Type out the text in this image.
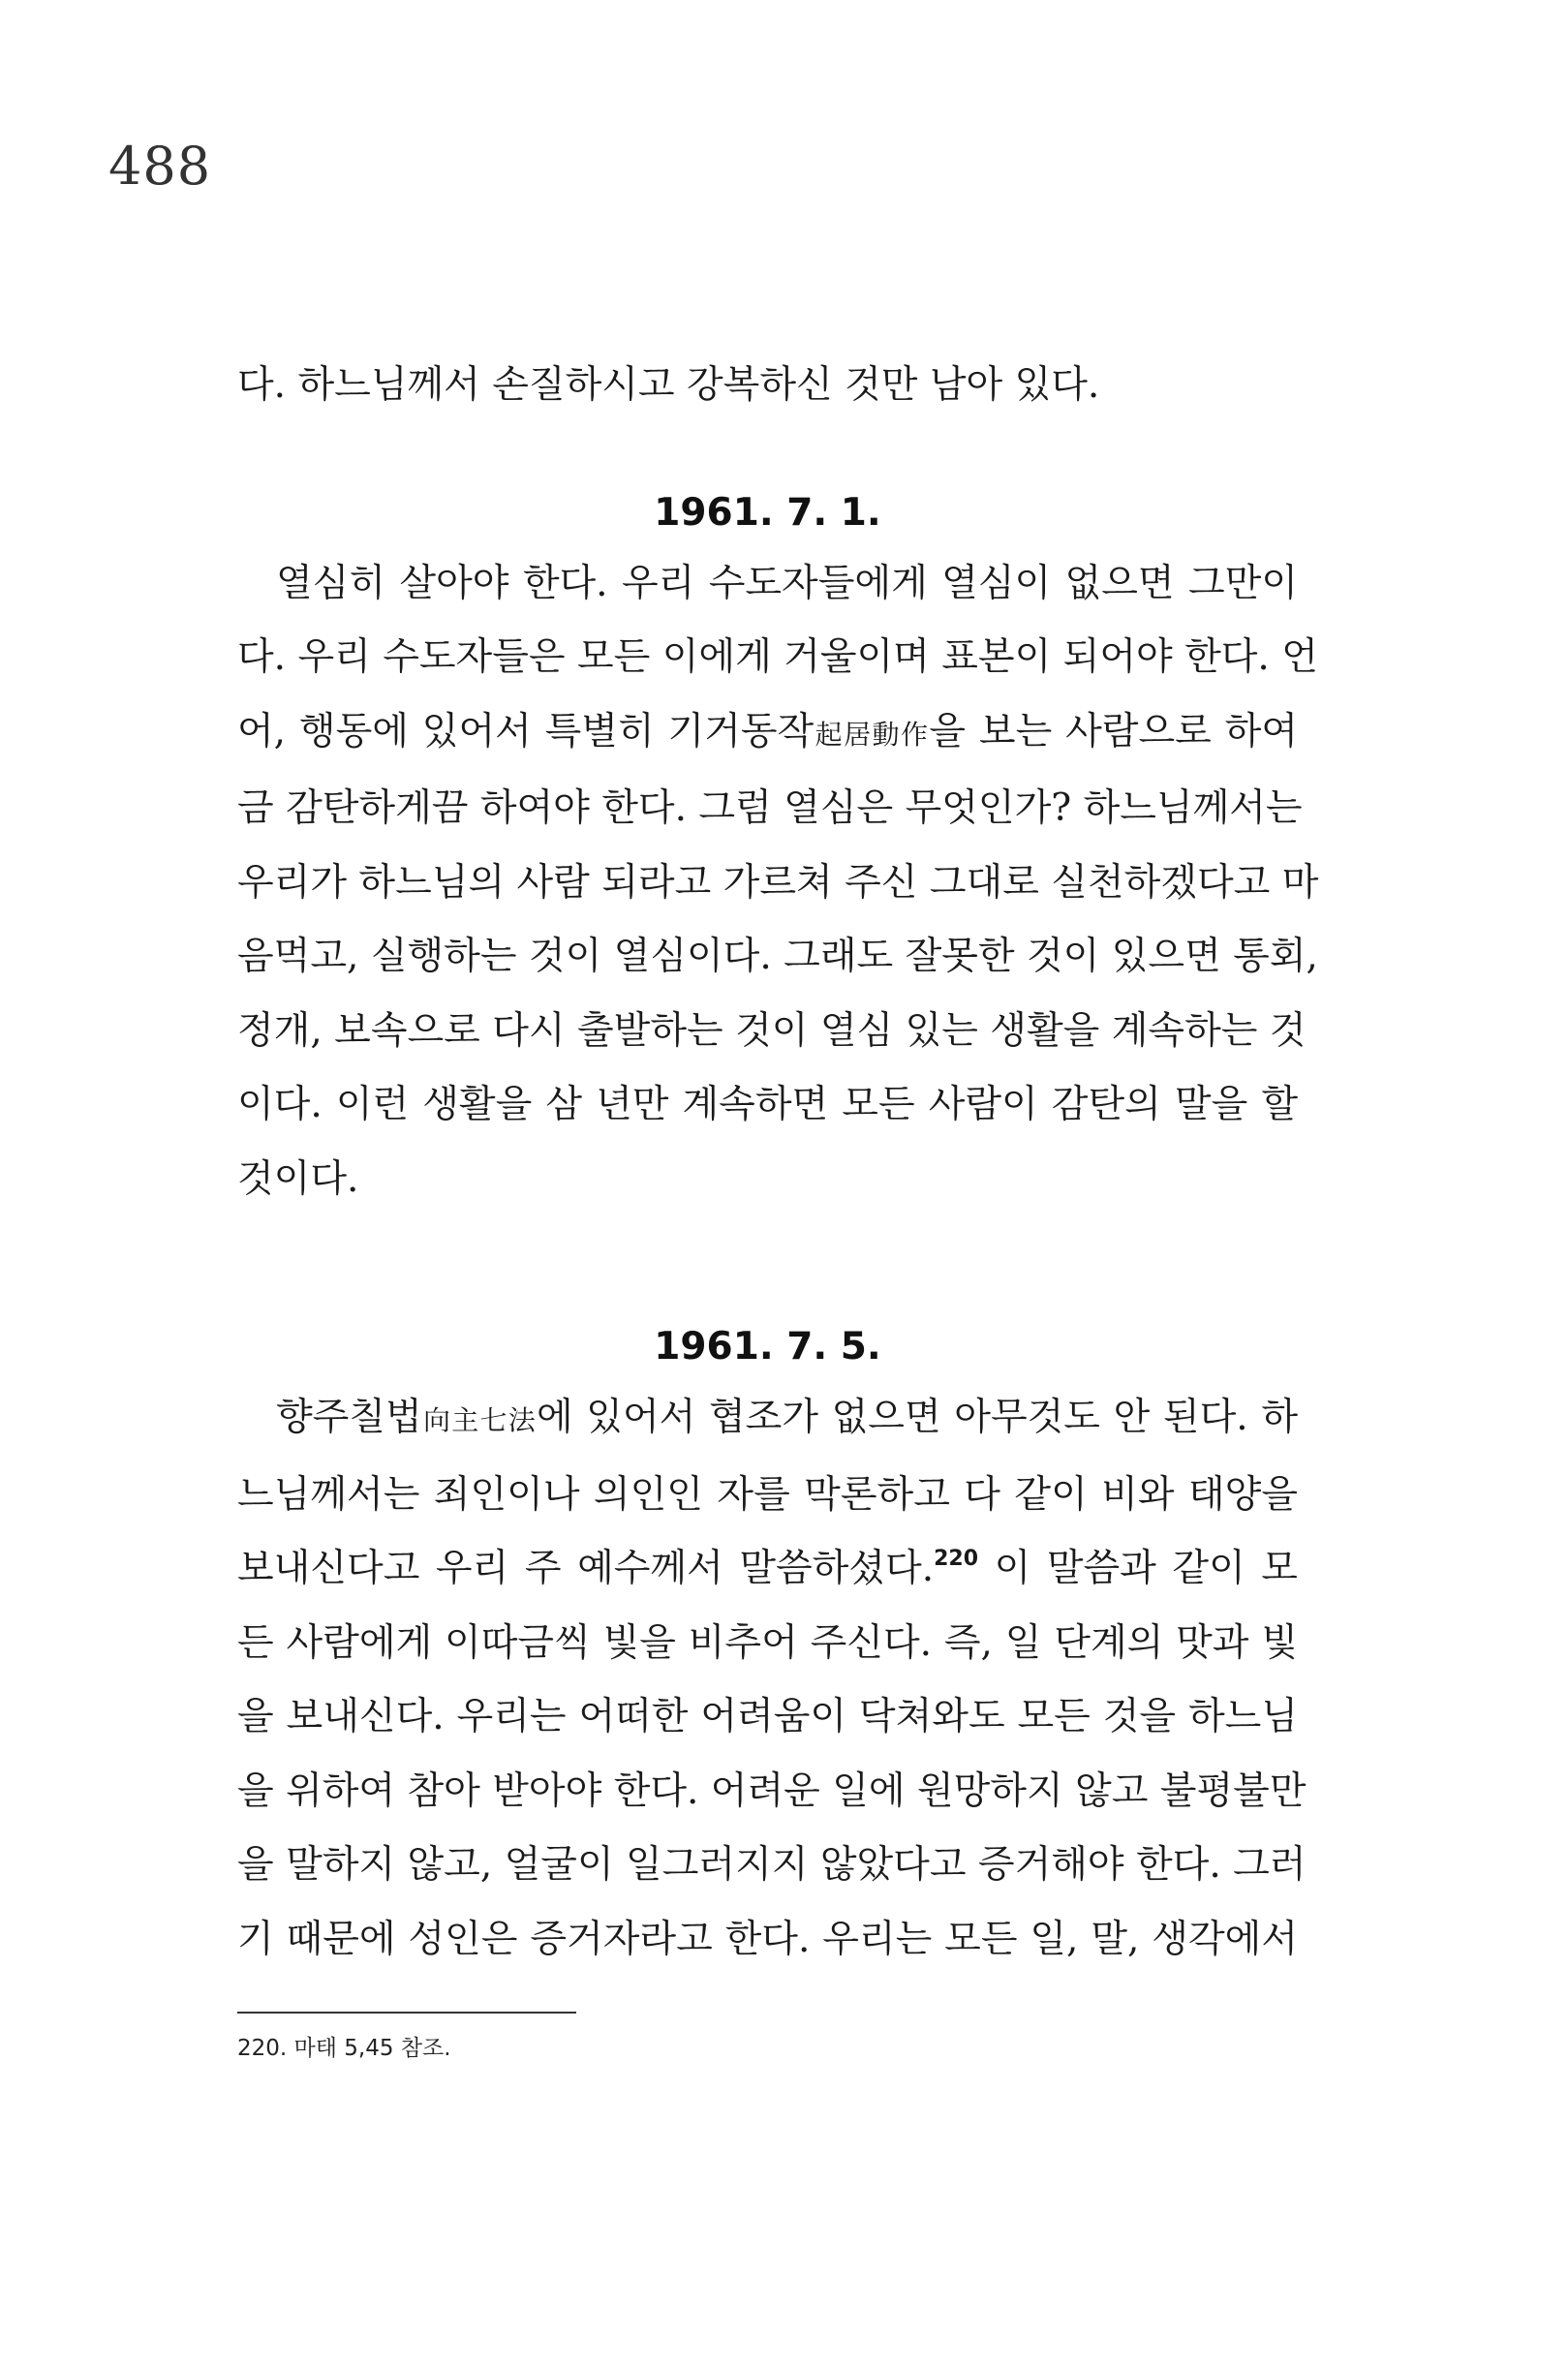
488
다. 하느님께서 손질하시고 강복하신 것만 남아 있다.
1961. 7. 1.
열심히 살아야 한다. 우리 수도자들에게 열심이 없으면 그만이
다. 우리 수도자들은 모든 이에게 거울이며 표본이 되어야 한다. 언
어, 행동에 있어서 특별히 기거동작起居動作을 보는 사람으로 하여
금 감탄하게끔 하여야 한다. 그럼 열심은 무엇인가? 하느님께서는
우리가 하느님의 사람 되라고 가르쳐 주신 그대로 실천하겠다고 마
음먹고, 실행하는 것이 열심이다. 그래도 잘못한 것이 있으면 통회,
정개, 보속으로 다시 출발하는 것이 열심 있는 생활을 계속하는 것
이다. 이런 생활을 삼 년만 계속하면 모든 사람이 감탄의 말을 할
것이다.
1961. 7. 5.
향주칠법向主七法에 있어서 협조가 없으면 아무것도 안 된다. 하
느님께서는 죄인이나 의인인 자를 막론하고 다 같이 비와 태양을
보내신다고 우리 주 예수께서 말씀하셨다.$^{220}$ 이 말씀과 같이 모
든 사람에게 이따금씩 빛을 비추어 주신다. 즉, 일 단계의 맛과 빛
을 보내신다. 우리는 어떠한 어려움이 닥쳐와도 모든 것을 하느님
을 위하여 참아 받아야 한다. 어려운 일에 원망하지 않고 불평불만
을 말하지 않고, 얼굴이 일그러지지 않았다고 증거해야 한다. 그러
기 때문에 성인은 증거자라고 한다. 우리는 모든 일, 말, 생각에서
220. 마태 5,45 참조.
